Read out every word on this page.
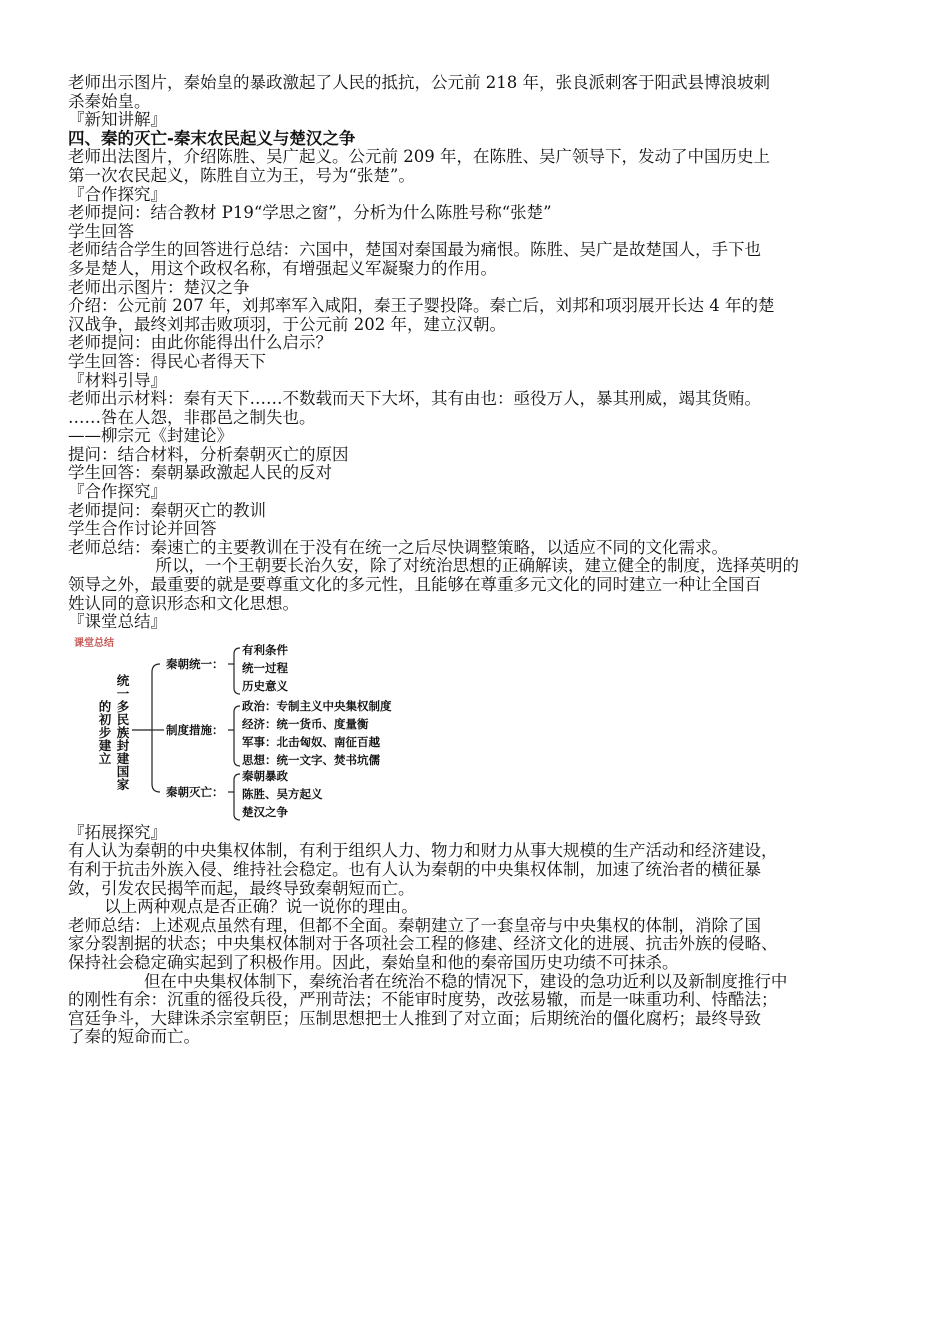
老师出示图片，秦始皇的暴政激起了人民的抵抗，公元前 218 年，张良派刺客于阳武县博浪坡刺

杀秦始皇。

『新知讲解』

四、秦的灭亡-秦末农民起义与楚汉之争

老师出法图片，介绍陈胜、吴广起义。公元前 209 年，在陈胜、吴广领导下，发动了中国历史上

第一次农民起义，陈胜自立为王，号为“张楚”。

『合作探究』

老师提问：结合教材 P19“学思之窗”，分析为什么陈胜号称“张楚”

学生回答

老师结合学生的回答进行总结：六国中，楚国对秦国最为痛恨。陈胜、吴广是故楚国人，手下也

多是楚人，用这个政权名称，有增强起义军凝聚力的作用。

老师出示图片：楚汉之争

介绍：公元前 207 年，刘邦率军入咸阳，秦王子婴投降。秦亡后，刘邦和项羽展开长达 4 年的楚

汉战争，最终刘邦击败项羽，于公元前 202 年，建立汉朝。

老师提问：由此你能得出什么启示？

学生回答：得民心者得天下

『材料引导』

老师出示材料：秦有天下……不数载而天下大坏，其有由也：亟役万人，暴其刑威，竭其货贿。

……咎在人怨，非郡邑之制失也。

——柳宗元《封建论》

提问：结合材料，分析秦朝灭亡的原因

学生回答：秦朝暴政激起人民的反对

『合作探究』

老师提问：秦朝灭亡的教训

学生合作讨论并回答

老师总结：秦速亡的主要教训在于没有在统一之后尽快调整策略，以适应不同的文化需求。

所以，一个王朝要长治久安，除了对统治思想的正确解读，建立健全的制度，选择英明的

领导之外，最重要的就是要尊重文化的多元性，且能够在尊重多元文化的同时建立一种让全国百

姓认同的意识形态和文化思想。

『课堂总结』

课堂总结
统
一
的
初
步
建
立
多
民
族
封
建
国
家
秦朝统一：
制度措施：
秦朝灭亡：
有利条件
统一过程
历史意义
政治：专制主义中央集权制度
经济：统一货币、度量衡
军事：北击匈奴、南征百越
思想：统一文字、焚书坑儒
秦朝暴政
陈胜、吴方起义
楚汉之争

『拓展探究』

有人认为秦朝的中央集权体制，有利于组织人力、物力和财力从事大规模的生产活动和经济建设，

有利于抗击外族入侵、维持社会稳定。也有人认为秦朝的中央集权体制，加速了统治者的横征暴

敛，引发农民揭竿而起，最终导致秦朝短而亡。

以上两种观点是否正确？说一说你的理由。

老师总结：上述观点虽然有理，但都不全面。秦朝建立了一套皇帝与中央集权的体制，消除了国

家分裂割据的状态；中央集权体制对于各项社会工程的修建、经济文化的进展、抗击外族的侵略、

保持社会稳定确实起到了积极作用。因此，秦始皇和他的秦帝国历史功绩不可抹杀。

但在中央集权体制下，秦统治者在统治不稳的情况下，建设的急功近利以及新制度推行中

的刚性有余：沉重的徭役兵役，严刑苛法；不能审时度势，改弦易辙，而是一味重功利、恃酷法；

宫廷争斗，大肆诛杀宗室朝臣；压制思想把士人推到了对立面；后期统治的僵化腐朽；最终导致

了秦的短命而亡。
